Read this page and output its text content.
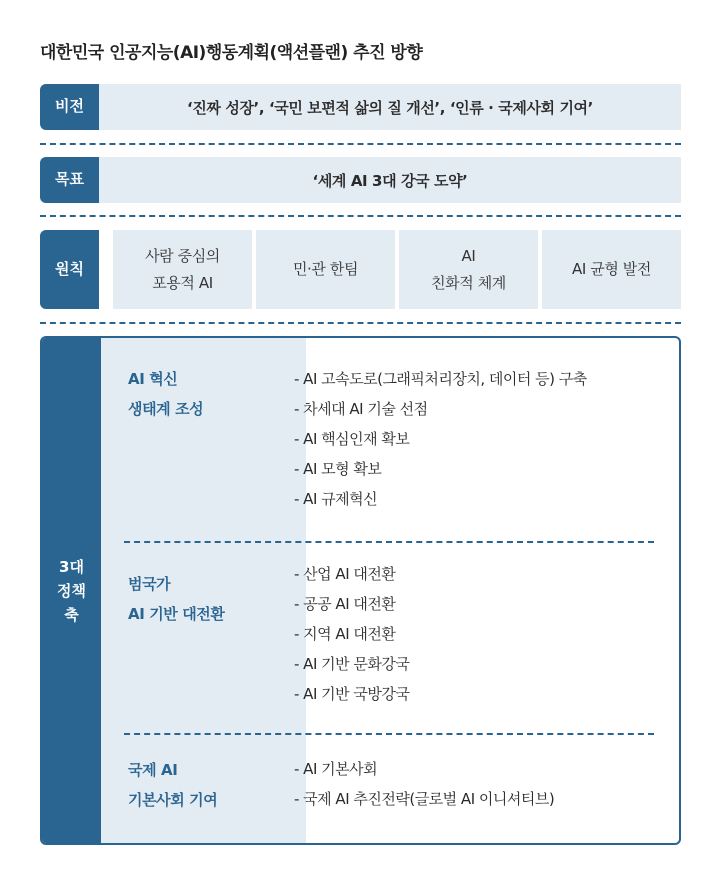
대한민국 인공지능(AI)행동계획(액션플랜) 추진 방향
비전	‘진짜 성장’, ‘국민 보편적 삶의 질 개선’, ‘인류 · 국제사회 기여’
목표	‘세계 AI 3대 강국 도약’
원칙
사람 중심의
포용적 AI
민·관 한팀
AI
친화적 체계
AI 균형 발전
3대
정책
축
AI 혁신
생태계 조성
- AI 고속도로(그래픽처리장치, 데이터 등) 구축
- 차세대 AI 기술 선점
- AI 핵심인재 확보
- AI 모형 확보
- AI 규제혁신
범국가
AI 기반 대전환
- 산업 AI 대전환
- 공공 AI 대전환
- 지역 AI 대전환
- AI 기반 문화강국
- AI 기반 국방강국
국제 AI
기본사회 기여
- AI 기본사회
- 국제 AI 추진전략(글로벌 AI 이니셔티브)
